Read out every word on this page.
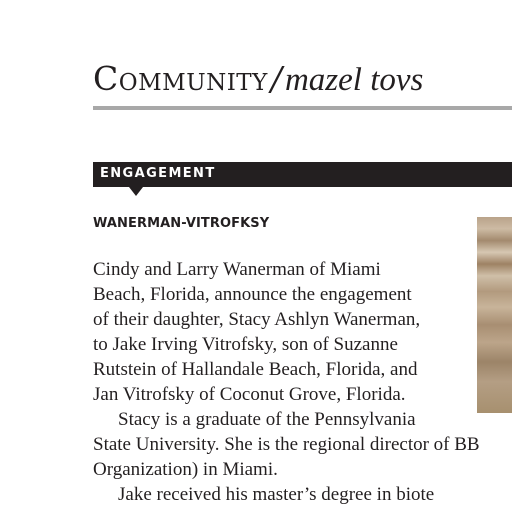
Community/mazel tovs
ENGAGEMENT
WANERMAN-VITROFKSY

Cindy and Larry Wanerman of Miami

Beach, Florida, announce the engagement

of their daughter, Stacy Ashlyn Wanerman,

to Jake Irving Vitrofsky, son of Suzanne

Rutstein of Hallandale Beach, Florida, and

Jan Vitrofsky of Coconut Grove, Florida.

Stacy is a graduate of the Pennsylvania
State University. She is the regional director of BB
Organization) in Miami.
Jake received his master’s degree in biote
